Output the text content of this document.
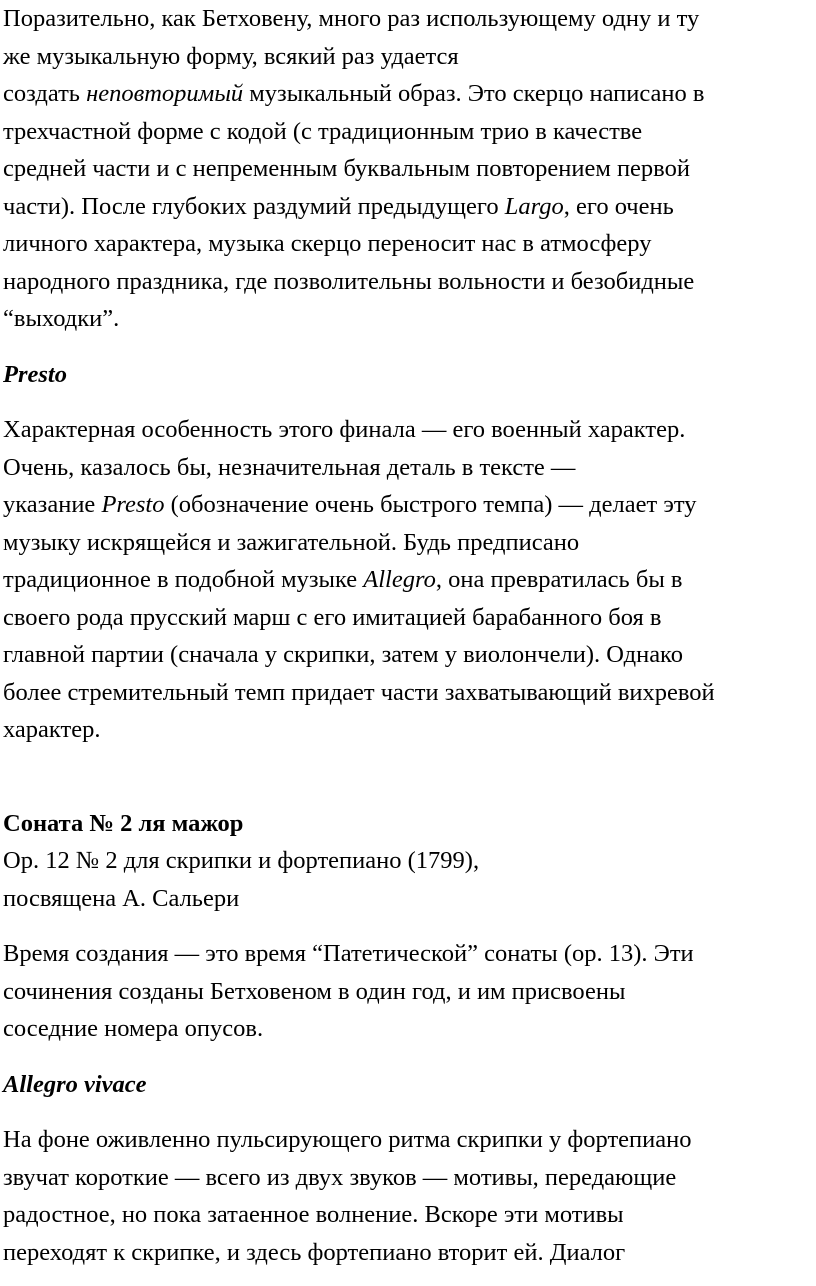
Поразительно, как Бетховену, много раз использующему одну и ту
же музыкальную форму, всякий раз удается
создать неповторимый музыкальный образ. Это скерцо написано в
трехчастной форме с кодой (с традиционным трио в качестве
средней части и с непременным буквальным повторением первой
части). После глубоких раздумий предыдущего Largo, его очень
личного характера, музыка скерцо переносит нас в атмосферу
народного праздника, где позволительны вольности и безобидные
“выходки”.
Presto
Характерная особенность этого финала — его военный характер.
Очень, казалось бы, незначительная деталь в тексте —
указание Presto (обозначение очень быстрого темпа) — делает эту
музыку искрящейся и зажигательной. Будь предписано
традиционное в подобной музыке Allegro, она превратилась бы в
своего рода прусский марш с его имитацией барабанного боя в
главной партии (сначала у скрипки, затем у виолончели). Однако
более стремительный темп придает части захватывающий вихревой
характер.
Соната № 2 ля мажор
Ор. 12 № 2 для скрипки и фортепиано (1799),
посвящена А. Сальери
Время создания — это время “Патетической” сонаты (ор. 13). Эти
сочинения созданы Бетховеном в один год, и им присвоены
соседние номера опусов.
Allegro vivace
На фоне оживленно пульсирующего ритма скрипки у фортепиано
звучат короткие — всего из двух звуков — мотивы, передающие
радостное, но пока затаенное волнение. Вскоре эти мотивы
переходят к скрипке, и здесь фортепиано вторит ей. Диалог
